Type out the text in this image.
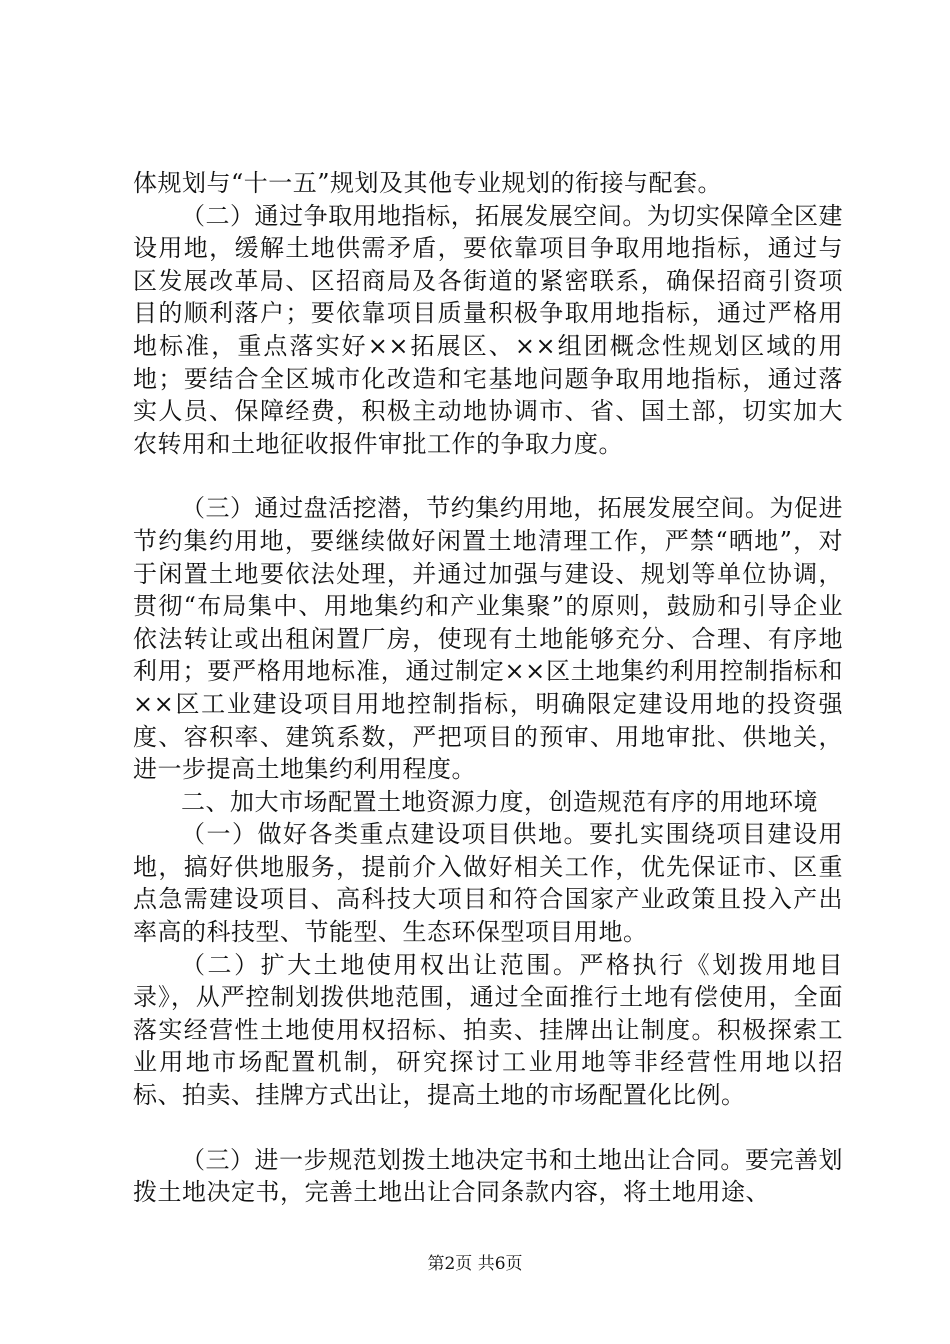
体规划与“十一五”规划及其他专业规划的衔接与配套。

（二）通过争取用地指标，拓展发展空间。为切实保障全区建设用地，缓解土地供需矛盾，要依靠项目争取用地指标，通过与区发展改革局、区招商局及各街道的紧密联系，确保招商引资项目的顺利落户；要依靠项目质量积极争取用地指标，通过严格用地标准，重点落实好××拓展区、××组团概念性规划区域的用地；要结合全区城市化改造和宅基地问题争取用地指标，通过落实人员、保障经费，积极主动地协调市、省、国土部，切实加大农转用和土地征收报件审批工作的争取力度。

（三）通过盘活挖潜，节约集约用地，拓展发展空间。为促进节约集约用地，要继续做好闲置土地清理工作，严禁“晒地”，对于闲置土地要依法处理，并通过加强与建设、规划等单位协调，贯彻“布局集中、用地集约和产业集聚”的原则，鼓励和引导企业依法转让或出租闲置厂房，使现有土地能够充分、合理、有序地利用；要严格用地标准，通过制定××区土地集约利用控制指标和××区工业建设项目用地控制指标，明确限定建设用地的投资强度、容积率、建筑系数，严把项目的预审、用地审批、供地关，进一步提高土地集约利用程度。

二、加大市场配置土地资源力度，创造规范有序的用地环境

（一）做好各类重点建设项目供地。要扎实围绕项目建设用地，搞好供地服务，提前介入做好相关工作，优先保证市、区重点急需建设项目、高科技大项目和符合国家产业政策且投入产出率高的科技型、节能型、生态环保型项目用地。

（二）扩大土地使用权出让范围。严格执行《划拨用地目录》，从严控制划拨供地范围，通过全面推行土地有偿使用，全面落实经营性土地使用权招标、拍卖、挂牌出让制度。积极探索工业用地市场配置机制，研究探讨工业用地等非经营性用地以招标、拍卖、挂牌方式出让，提高土地的市场配置化比例。

（三）进一步规范划拨土地决定书和土地出让合同。要完善划拨土地决定书，完善土地出让合同条款内容，将土地用途、

第2页 共6页
